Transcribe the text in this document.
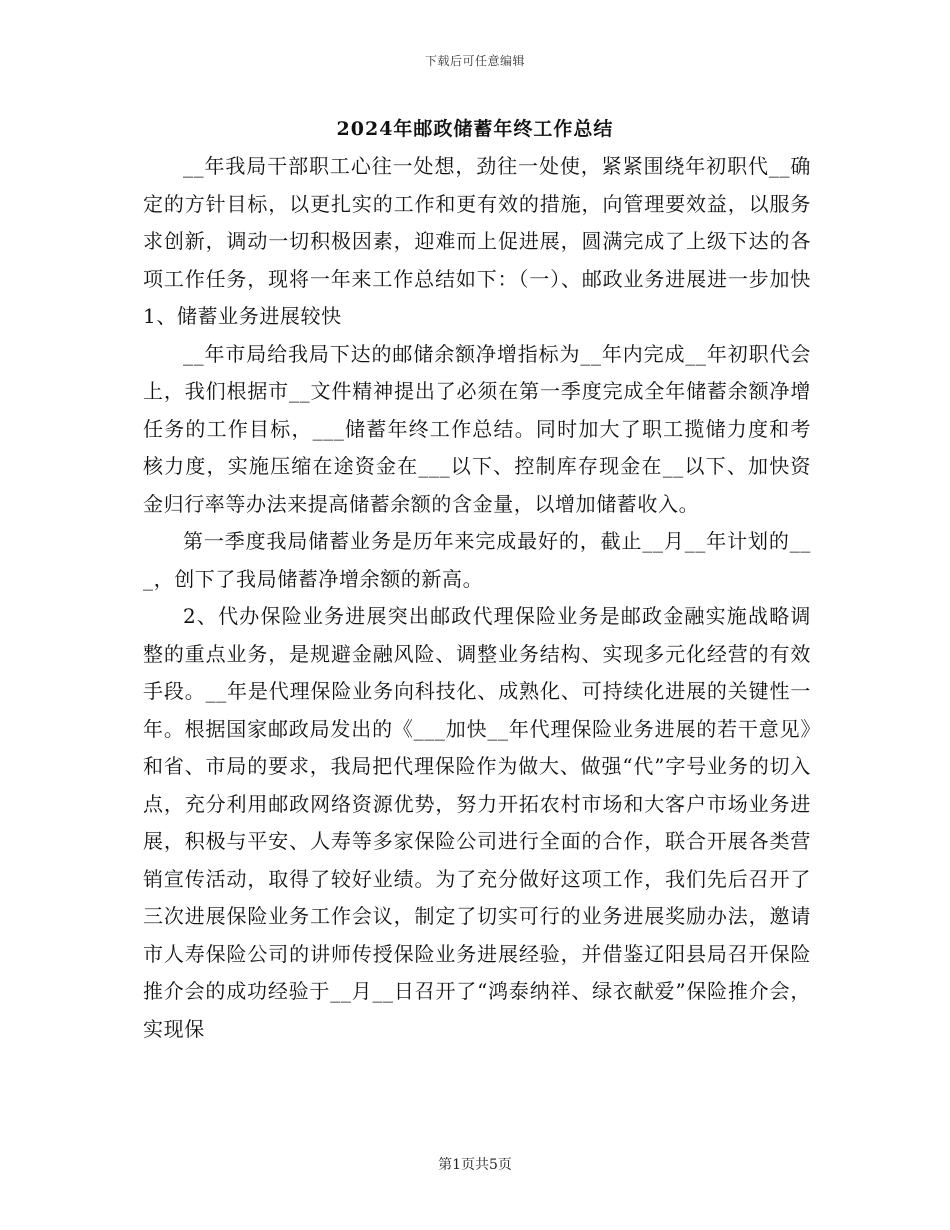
下载后可任意编辑
2024年邮政储蓄年终工作总结

__年我局干部职工心往一处想，劲往一处使，紧紧围绕年初职代__确定的方针目标，以更扎实的工作和更有效的措施，向管理要效益，以服务求创新，调动一切积极因素，迎难而上促进展，圆满完成了上级下达的各项工作任务，现将一年来工作总结如下：（一）、邮政业务进展进一步加快1、储蓄业务进展较快

__年市局给我局下达的邮储余额净增指标为__年内完成__年初职代会上，我们根据市__文件精神提出了必须在第一季度完成全年储蓄余额净增任务的工作目标，___储蓄年终工作总结。同时加大了职工揽储力度和考核力度，实施压缩在途资金在___以下、控制库存现金在__以下、加快资金归行率等办法来提高储蓄余额的含金量，以增加储蓄收入。

第一季度我局储蓄业务是历年来完成最好的，截止__月__年计划的___，创下了我局储蓄净增余额的新高。

2、代办保险业务进展突出邮政代理保险业务是邮政金融实施战略调整的重点业务，是规避金融风险、调整业务结构、实现多元化经营的有效手段。__年是代理保险业务向科技化、成熟化、可持续化进展的关键性一年。根据国家邮政局发出的《___加快__年代理保险业务进展的若干意见》和省、市局的要求，我局把代理保险作为做大、做强“代”字号业务的切入点，充分利用邮政网络资源优势，努力开拓农村市场和大客户市场业务进展，积极与平安、人寿等多家保险公司进行全面的合作，联合开展各类营销宣传活动，取得了较好业绩。为了充分做好这项工作，我们先后召开了三次进展保险业务工作会议，制定了切实可行的业务进展奖励办法，邀请市人寿保险公司的讲师传授保险业务进展经验，并借鉴辽阳县局召开保险推介会的成功经验于__月__日召开了“鸿泰纳祥、绿衣献爱”保险推介会，实现保

第1页共5页
